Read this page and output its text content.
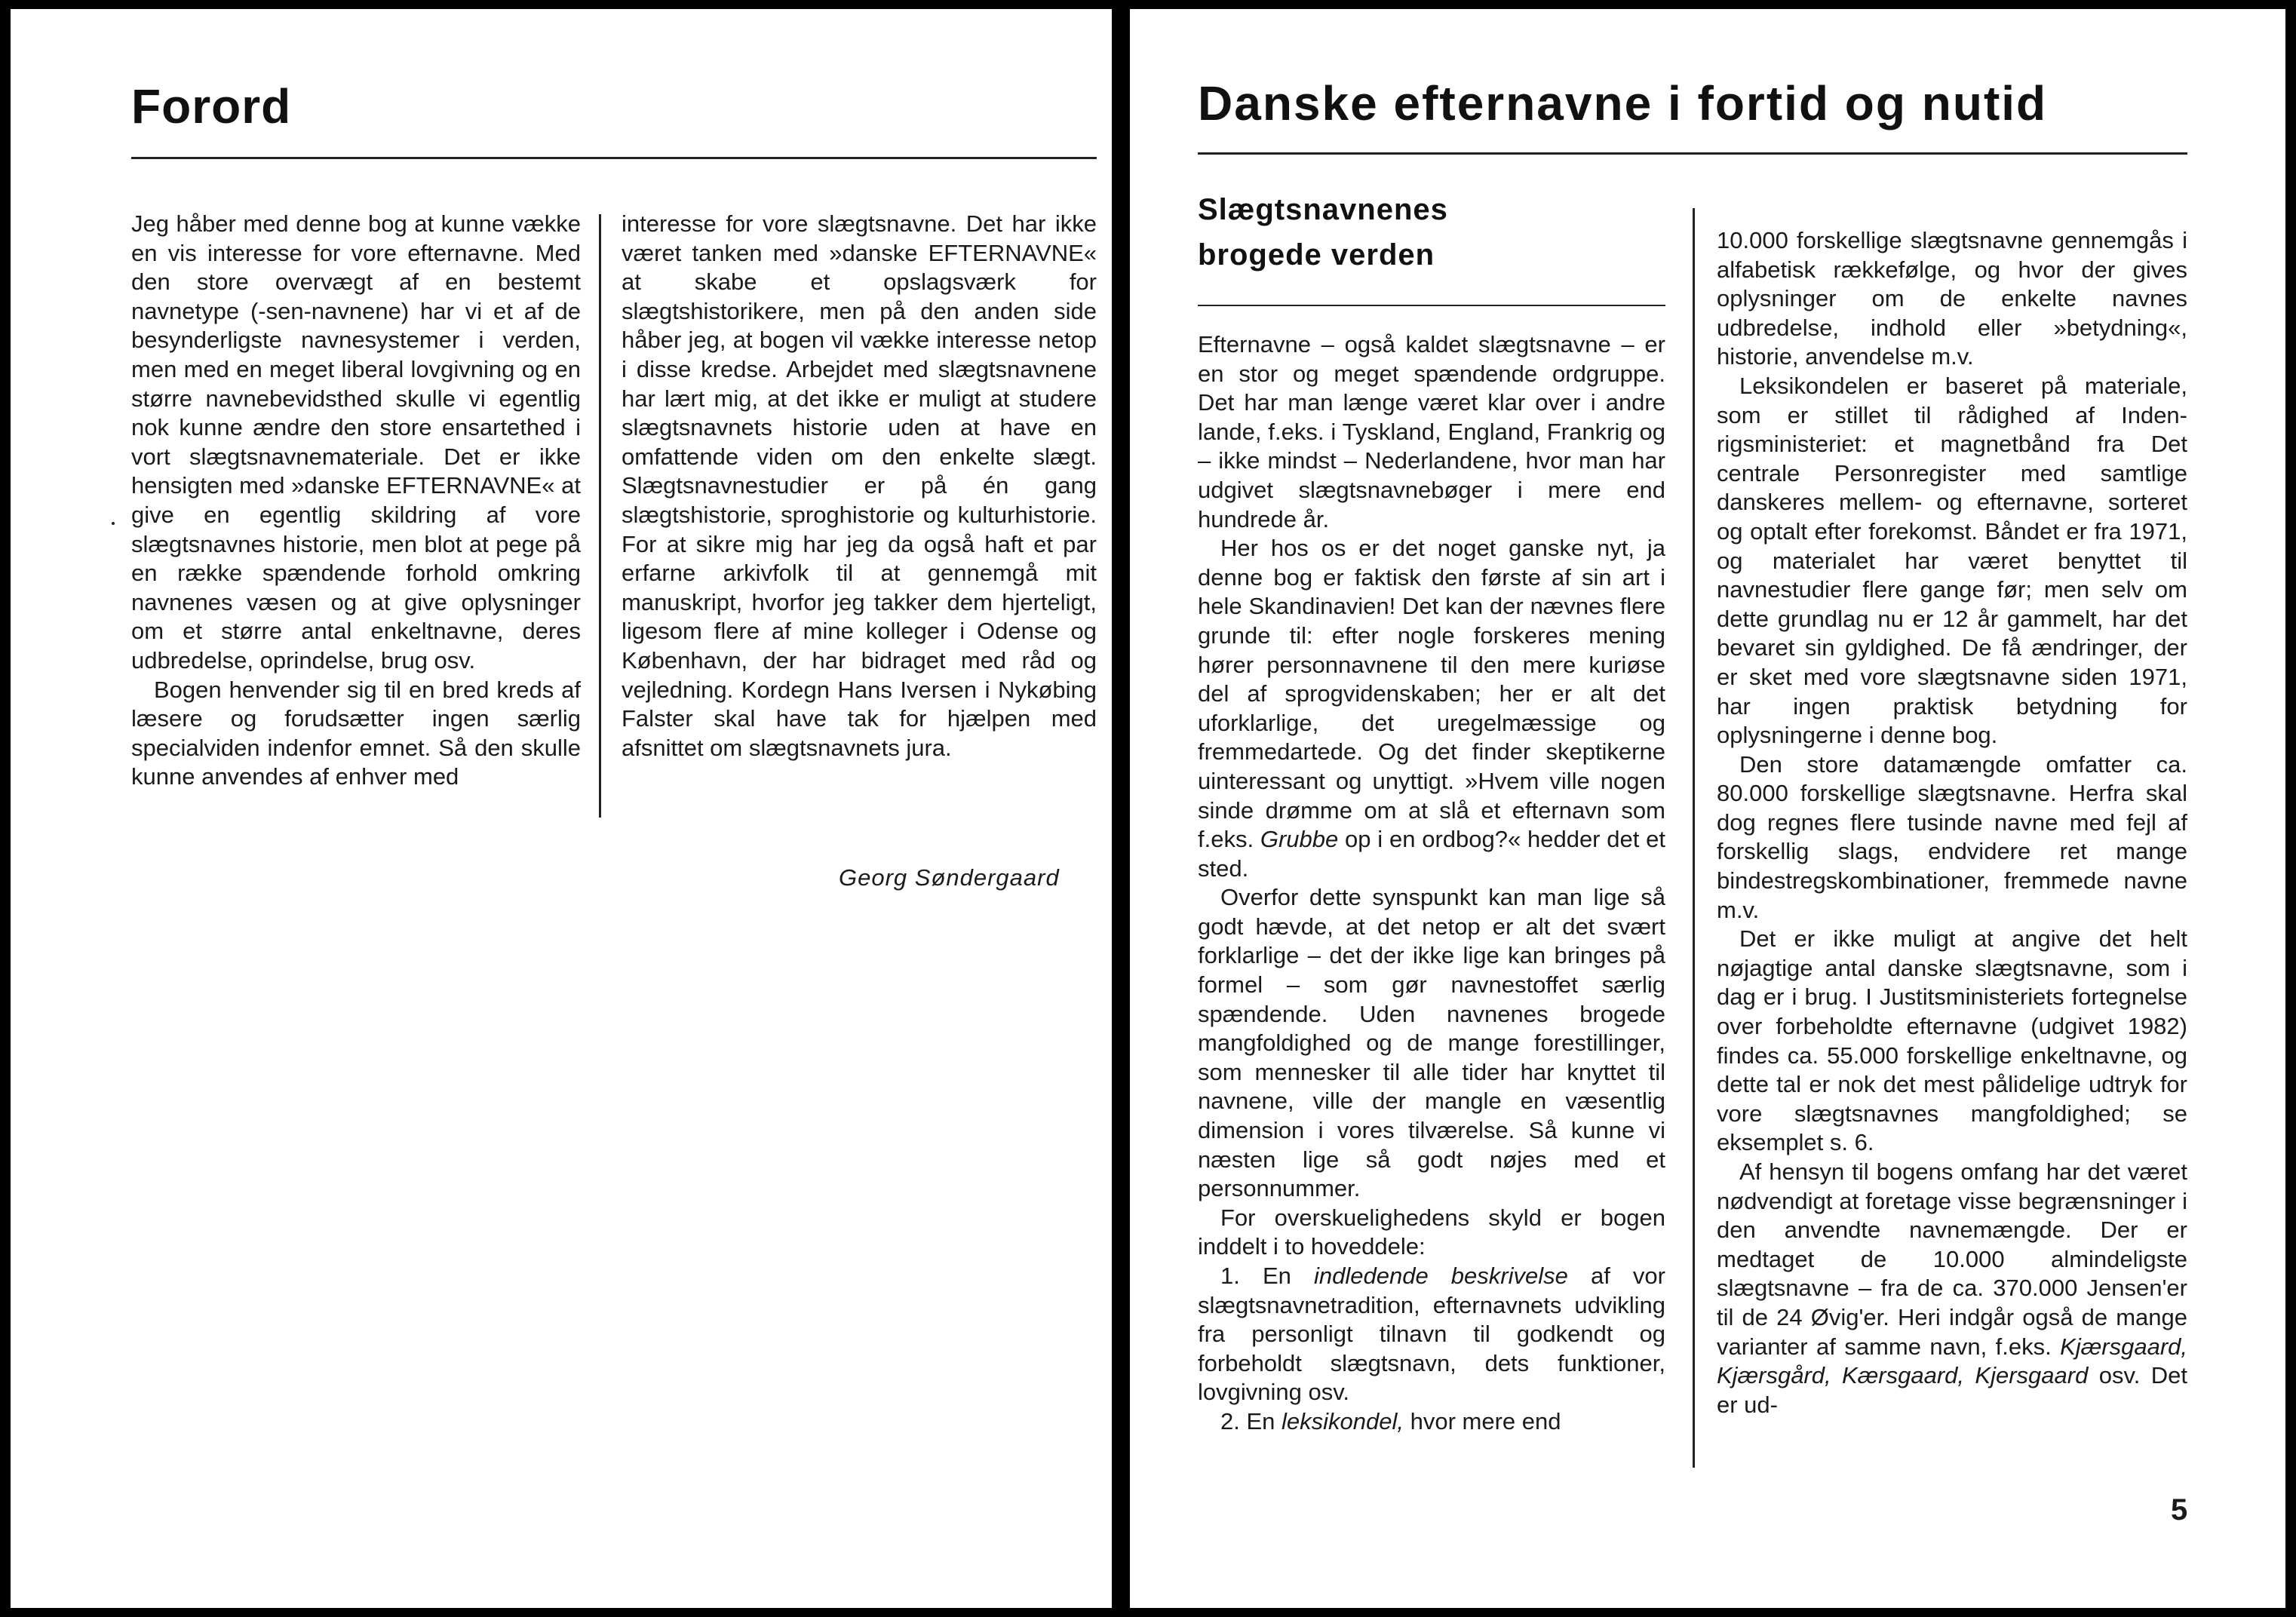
Forord

Jeg håber med denne bog at kunne vække en vis interesse for vore efternavne. Med den store overvægt af en bestemt navnetype (-sen-navnene) har vi et af de besynderligste navnesystemer i verden, men med en meget liberal lovgivning og en større navnebevidsthed skulle vi egentlig nok kunne ændre den store ensartethed i vort slægtsnavnemateriale. Det er ikke hensigten med »danske EFTERNAVNE« at give en egentlig skildring af vore slægtsnavnes historie, men blot at pege på en række spændende forhold omkring navnenes væsen og at give oplysninger om et større antal enkeltnavne, deres udbredelse, oprindelse, brug osv.

Bogen henvender sig til en bred kreds af læsere og forudsætter ingen særlig specialviden indenfor emnet. Så den skulle kunne anvendes af enhver med

interesse for vore slægtsnavne. Det har ikke været tanken med »danske EFTERNAVNE« at skabe et opslagsværk for slægtshistorikere, men på den anden side håber jeg, at bogen vil vække interesse netop i disse kredse. Arbejdet med slægtsnavnene har lært mig, at det ikke er muligt at studere slægtsnavnets historie uden at have en omfattende viden om den enkelte slægt. Slægtsnavnestudier er på én gang slægtshistorie, sproghistorie og kulturhistorie. For at sikre mig har jeg da også haft et par erfarne arkivfolk til at gennemgå mit manuskript, hvorfor jeg takker dem hjerteligt, ligesom flere af mine kolleger i Odense og København, der har bidraget med råd og vejledning. Kordegn Hans Iversen i Nykøbing Falster skal have tak for hjælpen med afsnittet om slægtsnavnets jura.

Georg Søndergaard
Danske efternavne i fortid og nutid
Slægtsnavnenes
brogede verden

Efternavne – også kaldet slægtsnavne – er en stor og meget spændende ordgruppe. Det har man længe været klar over i andre lande, f.eks. i Tyskland, England, Frankrig og – ikke mindst – Nederlandene, hvor man har udgivet slægtsnavnebøger i mere end hundrede år.

Her hos os er det noget ganske nyt, ja denne bog er faktisk den første af sin art i hele Skandinavien! Det kan der nævnes flere grunde til: efter nogle forskeres mening hører personnavnene til den mere kuriøse del af sprogvidenskaben; her er alt det uforklarlige, det uregelmæssige og fremmedartede. Og det finder skeptikerne uinteressant og unyttigt. »Hvem ville nogen sinde drømme om at slå et efternavn som f.eks. Grubbe op i en ordbog?« hedder det et sted.

Overfor dette synspunkt kan man lige så godt hævde, at det netop er alt det svært forklarlige – det der ikke lige kan bringes på formel – som gør navnestoffet særlig spændende. Uden navnenes brogede mangfoldighed og de mange forestillinger, som mennesker til alle tider har knyttet til navnene, ville der mangle en væsentlig dimension i vores tilværelse. Så kunne vi næsten lige så godt nøjes med et personnummer.

For overskuelighedens skyld er bogen inddelt i to hoveddele:

1. En indledende beskrivelse af vor slægtsnavnetradition, efternavnets udvikling fra personligt tilnavn til godkendt og forbeholdt slægtsnavn, dets funktioner, lovgivning osv.

2. En leksikondel, hvor mere end

10.000 forskellige slægtsnavne gennemgås i alfabetisk rækkefølge, og hvor der gives oplysninger om de enkelte navnes udbredelse, indhold eller »betydning«, historie, anvendelse m.v.

Leksikondelen er baseret på materiale, som er stillet til rådighed af Indenrigsministeriet: et magnetbånd fra Det centrale Personregister med samtlige danskeres mellem- og efternavne, sorteret og optalt efter forekomst. Båndet er fra 1971, og materialet har været benyttet til navnestudier flere gange før; men selv om dette grundlag nu er 12 år gammelt, har det bevaret sin gyldighed. De få ændringer, der er sket med vore slægtsnavne siden 1971, har ingen praktisk betydning for oplysningerne i denne bog.

Den store datamængde omfatter ca. 80.000 forskellige slægtsnavne. Herfra skal dog regnes flere tusinde navne med fejl af forskellig slags, endvidere ret mange bindestregskombinationer, fremmede navne m.v.

Det er ikke muligt at angive det helt nøjagtige antal danske slægtsnavne, som i dag er i brug. I Justitsministeriets fortegnelse over forbeholdte efternavne (udgivet 1982) findes ca. 55.000 forskellige enkeltnavne, og dette tal er nok det mest pålidelige udtryk for vore slægtsnavnes mangfoldighed; se eksemplet s. 6.

Af hensyn til bogens omfang har det været nødvendigt at foretage visse begrænsninger i den anvendte navnemængde. Der er medtaget de 10.000 almindeligste slægtsnavne – fra de ca. 370.000 Jensen'er til de 24 Øvig'er. Heri indgår også de mange varianter af samme navn, f.eks. Kjærsgaard, Kjærsgård, Kærsgaard, Kjersgaard osv. Det er ud-

5
